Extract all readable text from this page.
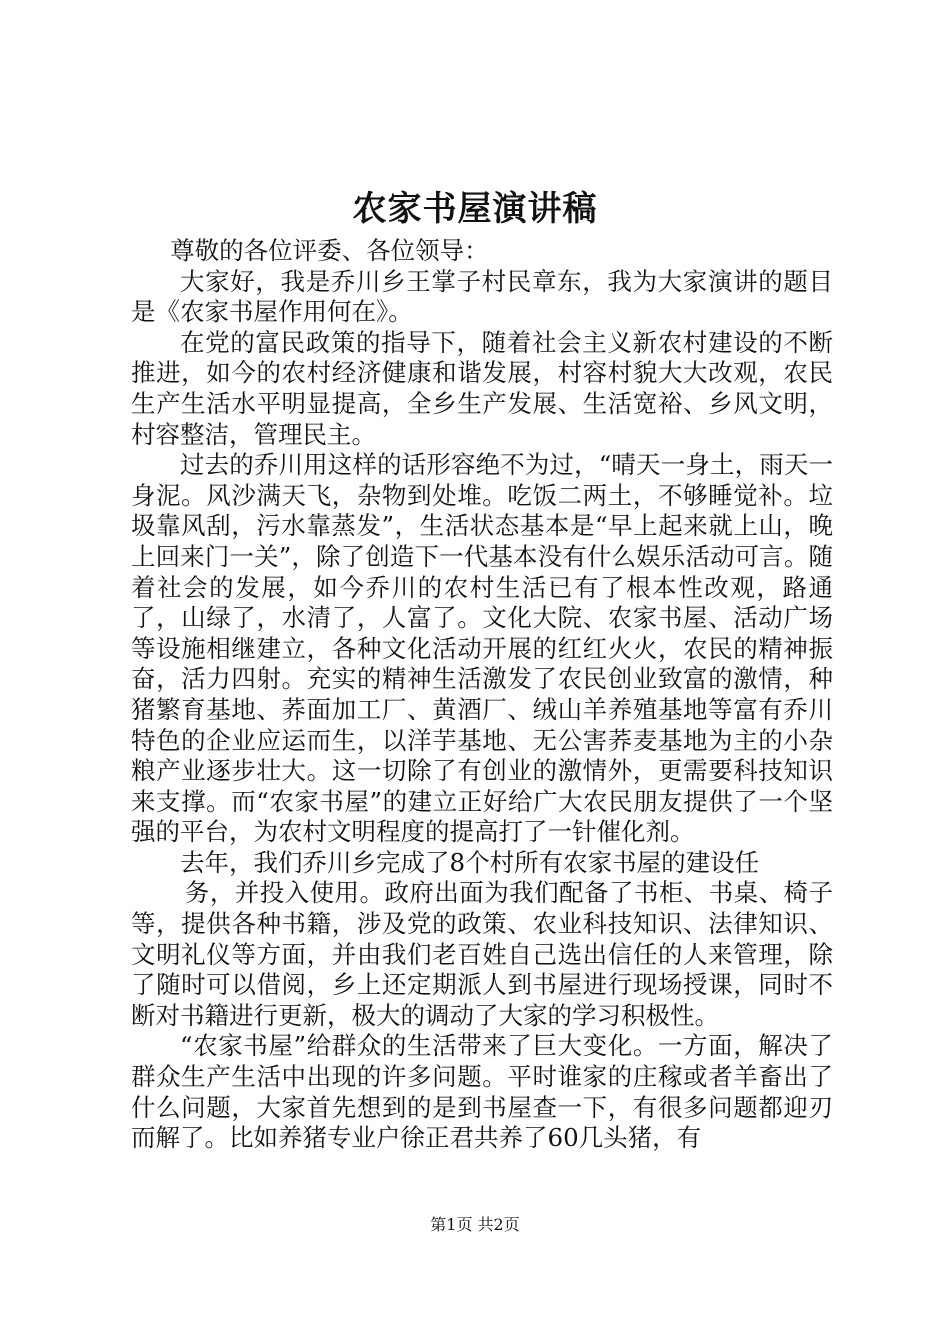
农家书屋演讲稿

尊敬的各位评委、各位领导：

大家好，我是乔川乡王掌子村民章东，我为大家演讲的题目是《农家书屋作用何在》。

在党的富民政策的指导下，随着社会主义新农村建设的不断推进，如今的农村经济健康和谐发展，村容村貌大大改观，农民生产生活水平明显提高，全乡生产发展、生活宽裕、乡风文明，村容整洁，管理民主。

过去的乔川用这样的话形容绝不为过，“晴天一身土，雨天一身泥。风沙满天飞，杂物到处堆。吃饭二两土，不够睡觉补。垃圾靠风刮，污水靠蒸发”，生活状态基本是“早上起来就上山，晚上回来门一关”，除了创造下一代基本没有什么娱乐活动可言。随着社会的发展，如今乔川的农村生活已有了根本性改观，路通了，山绿了，水清了，人富了。文化大院、农家书屋、活动广场等设施相继建立，各种文化活动开展的红红火火，农民的精神振奋，活力四射。充实的精神生活激发了农民创业致富的激情，种猪繁育基地、荞面加工厂、黄酒厂、绒山羊养殖基地等富有乔川特色的企业应运而生，以洋芋基地、无公害荞麦基地为主的小杂粮产业逐步壮大。这一切除了有创业的激情外，更需要科技知识来支撑。而“农家书屋”的建立正好给广大农民朋友提供了一个坚强的平台，为农村文明程度的提高打了一针催化剂。

去年，我们乔川乡完成了8个村所有农家书屋的建设任

务，并投入使用。政府出面为我们配备了书柜、书桌、椅子等，提供各种书籍，涉及党的政策、农业科技知识、法律知识、文明礼仪等方面，并由我们老百姓自己选出信任的人来管理，除了随时可以借阅，乡上还定期派人到书屋进行现场授课，同时不断对书籍进行更新，极大的调动了大家的学习积极性。

“农家书屋”给群众的生活带来了巨大变化。一方面，解决了群众生产生活中出现的许多问题。平时谁家的庄稼或者羊畜出了什么问题，大家首先想到的是到书屋查一下，有很多问题都迎刃而解了。比如养猪专业户徐正君共养了60几头猪，有

第1页 共2页
